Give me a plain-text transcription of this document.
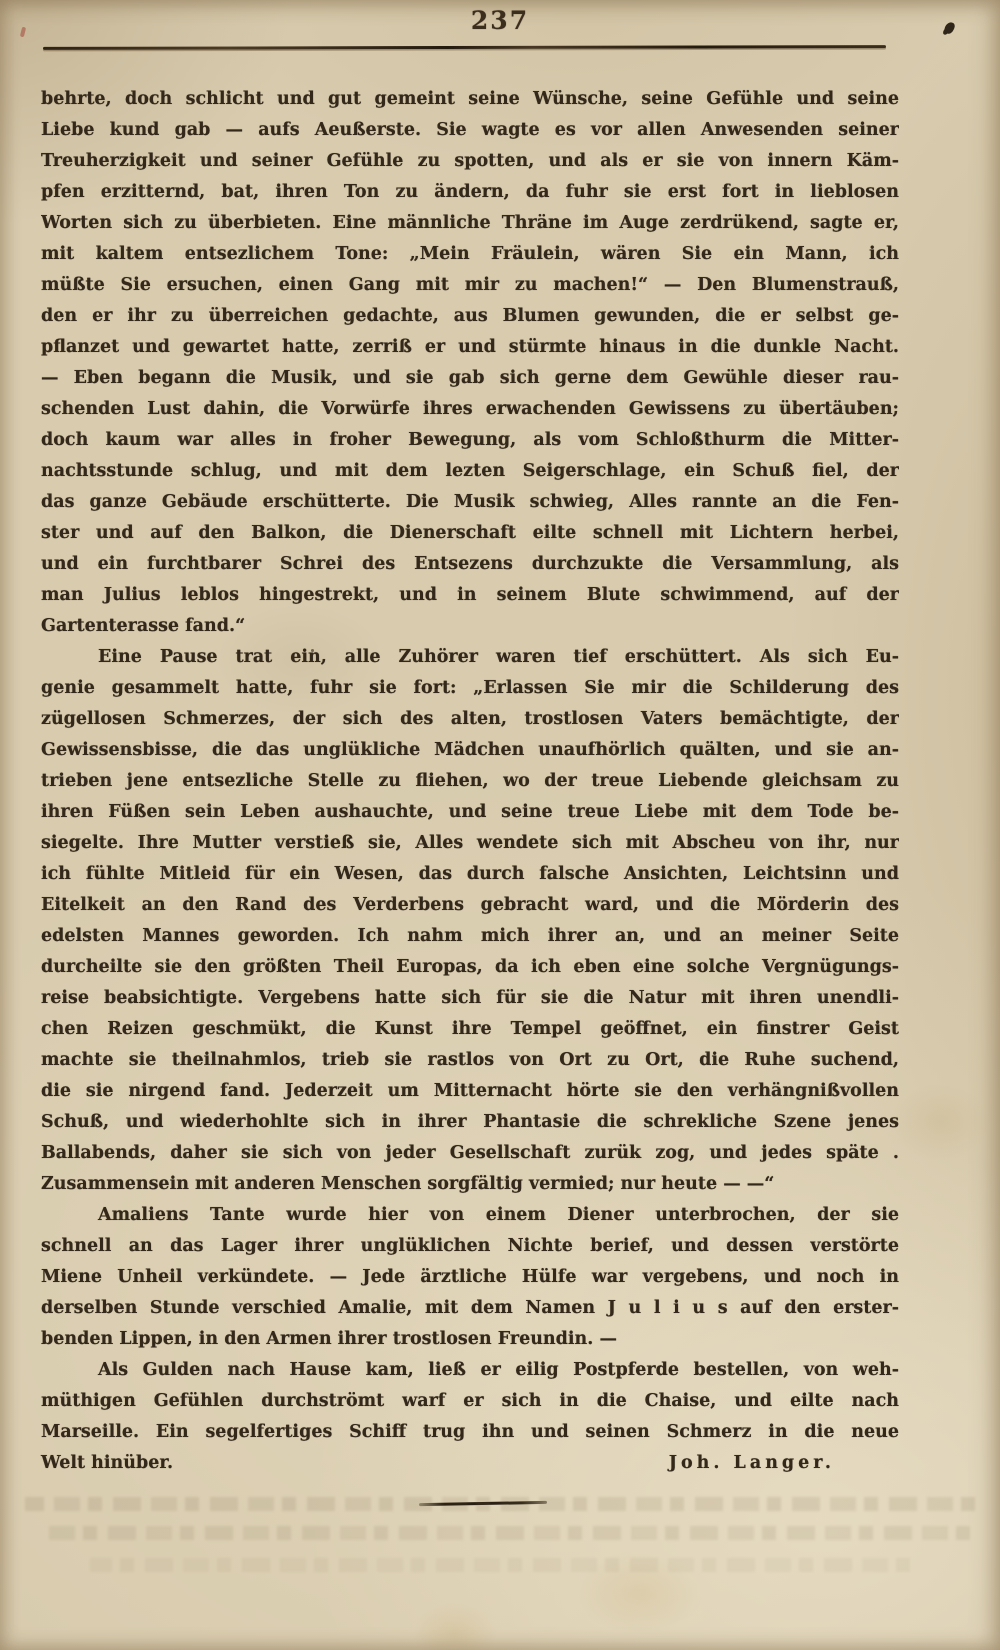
237
behrte, doch schlicht und gut gemeint seine Wünsche, seine Gefühle und seine
Liebe kund gab — aufs Aeußerste. Sie wagte es vor allen Anwesenden seiner
Treuherzigkeit und seiner Gefühle zu spotten, und als er sie von innern Käm-
pfen erzitternd, bat, ihren Ton zu ändern, da fuhr sie erst fort in lieblosen
Worten sich zu überbieten. Eine männliche Thräne im Auge zerdrükend, sagte er,
mit kaltem entsezlichem Tone: „Mein Fräulein, wären Sie ein Mann, ich
müßte Sie ersuchen, einen Gang mit mir zu machen!“ — Den Blumenstrauß,
den er ihr zu überreichen gedachte, aus Blumen gewunden, die er selbst ge-
pflanzet und gewartet hatte, zerriß er und stürmte hinaus in die dunkle Nacht.
— Eben begann die Musik, und sie gab sich gerne dem Gewühle dieser rau-
schenden Lust dahin, die Vorwürfe ihres erwachenden Gewissens zu übertäuben;
doch kaum war alles in froher Bewegung, als vom Schloßthurm die Mitter-
nachtsstunde schlug, und mit dem lezten Seigerschlage, ein Schuß fiel, der
das ganze Gebäude erschütterte. Die Musik schwieg, Alles rannte an die Fen-
ster und auf den Balkon, die Dienerschaft eilte schnell mit Lichtern herbei,
und ein furchtbarer Schrei des Entsezens durchzukte die Versammlung, als
man Julius leblos hingestrekt, und in seinem Blute schwimmend, auf der
Gartenterasse fand.“
Eine Pause trat ein, alle Zuhörer waren tief erschüttert. Als sich Eu-
genie gesammelt hatte, fuhr sie fort: „Erlassen Sie mir die Schilderung des
zügellosen Schmerzes, der sich des alten, trostlosen Vaters bemächtigte, der
Gewissensbisse, die das unglükliche Mädchen unaufhörlich quälten, und sie an-
trieben jene entsezliche Stelle zu fliehen, wo der treue Liebende gleichsam zu
ihren Füßen sein Leben aushauchte, und seine treue Liebe mit dem Tode be-
siegelte. Ihre Mutter verstieß sie, Alles wendete sich mit Abscheu von ihr, nur
ich fühlte Mitleid für ein Wesen, das durch falsche Ansichten, Leichtsinn und
Eitelkeit an den Rand des Verderbens gebracht ward, und die Mörderin des
edelsten Mannes geworden. Ich nahm mich ihrer an, und an meiner Seite
durcheilte sie den größten Theil Europas, da ich eben eine solche Vergnügungs-
reise beabsichtigte. Vergebens hatte sich für sie die Natur mit ihren unendli-
chen Reizen geschmükt, die Kunst ihre Tempel geöffnet, ein finstrer Geist
machte sie theilnahmlos, trieb sie rastlos von Ort zu Ort, die Ruhe suchend,
die sie nirgend fand. Jederzeit um Mitternacht hörte sie den verhängnißvollen
Schuß, und wiederhohlte sich in ihrer Phantasie die schrekliche Szene jenes
Ballabends, daher sie sich von jeder Gesellschaft zurük zog, und jedes späte .
Zusammensein mit anderen Menschen sorgfältig vermied; nur heute — —“
Amaliens Tante wurde hier von einem Diener unterbrochen, der sie
schnell an das Lager ihrer unglüklichen Nichte berief, und dessen verstörte
Miene Unheil verkündete. — Jede ärztliche Hülfe war vergebens, und noch in
derselben Stunde verschied Amalie, mit dem Namen J u l i u s auf den erster-
benden Lippen, in den Armen ihrer trostlosen Freundin. —
Als Gulden nach Hause kam, ließ er eilig Postpferde bestellen, von weh-
müthigen Gefühlen durchströmt warf er sich in die Chaise, und eilte nach
Marseille. Ein segelfertiges Schiff trug ihn und seinen Schmerz in die neue
Welt hinüber.	Joh. Langer.
